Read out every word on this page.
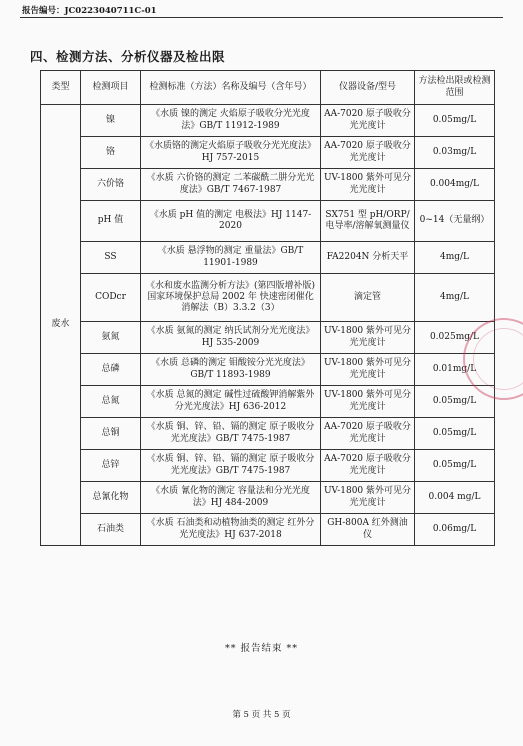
报告编号：JC0223040711C-01
四、检测方法、分析仪器及检出限
类型	检测项目	检测标准（方法）名称及编号（含年号）	仪器设备/型号	方法检出限或检测范围
废水	镍	《水质 镍的测定 火焰原子吸收分光光度法》GB/T 11912-1989	AA-7020 原子吸收分光光度计	0.05mg/L
	铬	《水质铬的测定火焰原子吸收分光光度法》HJ 757-2015	AA-7020 原子吸收分光光度计	0.03mg/L
	六价铬	《水质 六价铬的测定 二苯碳酰二肼分光光度法》GB/T 7467-1987	UV-1800 紫外可见分光光度计	0.004mg/L
	pH 值	《水质 pH 值的测定 电极法》HJ 1147-2020	SX751 型 pH/ORP/电导率/溶解氧测量仪	0~14（无量纲）
	SS	《水质 悬浮物的测定 重量法》GB/T 11901-1989	FA2204N 分析天平	4mg/L
	CODcr	《水和废水监测分析方法》(第四版增补版) 国家环境保护总局 2002 年 快速密闭催化消解法（B）3.3.2（3）	滴定管	4mg/L
	氨氮	《水质 氨氮的测定 纳氏试剂分光光度法》HJ 535-2009	UV-1800 紫外可见分光光度计	0.025mg/L
	总磷	《水质 总磷的测定 钼酸铵分光光度法》GB/T 11893-1989	UV-1800 紫外可见分光光度计	0.01mg/L
	总氮	《水质 总氮的测定 碱性过硫酸钾消解紫外分光光度法》HJ 636-2012	UV-1800 紫外可见分光光度计	0.05mg/L
	总铜	《水质 铜、锌、铅、镉的测定 原子吸收分光光度法》GB/T 7475-1987	AA-7020 原子吸收分光光度计	0.05mg/L
	总锌	《水质 铜、锌、铅、镉的测定 原子吸收分光光度法》GB/T 7475-1987	AA-7020 原子吸收分光光度计	0.05mg/L
	总氰化物	《水质 氰化物的测定 容量法和分光光度法》HJ 484-2009	UV-1800 紫外可见分光光度计	0.004 mg/L
	石油类	《水质 石油类和动植物油类的测定 红外分光光度法》HJ 637-2018	GH-800A 红外测油仪	0.06mg/L
** 报告结束 **
第 5 页 共 5 页
